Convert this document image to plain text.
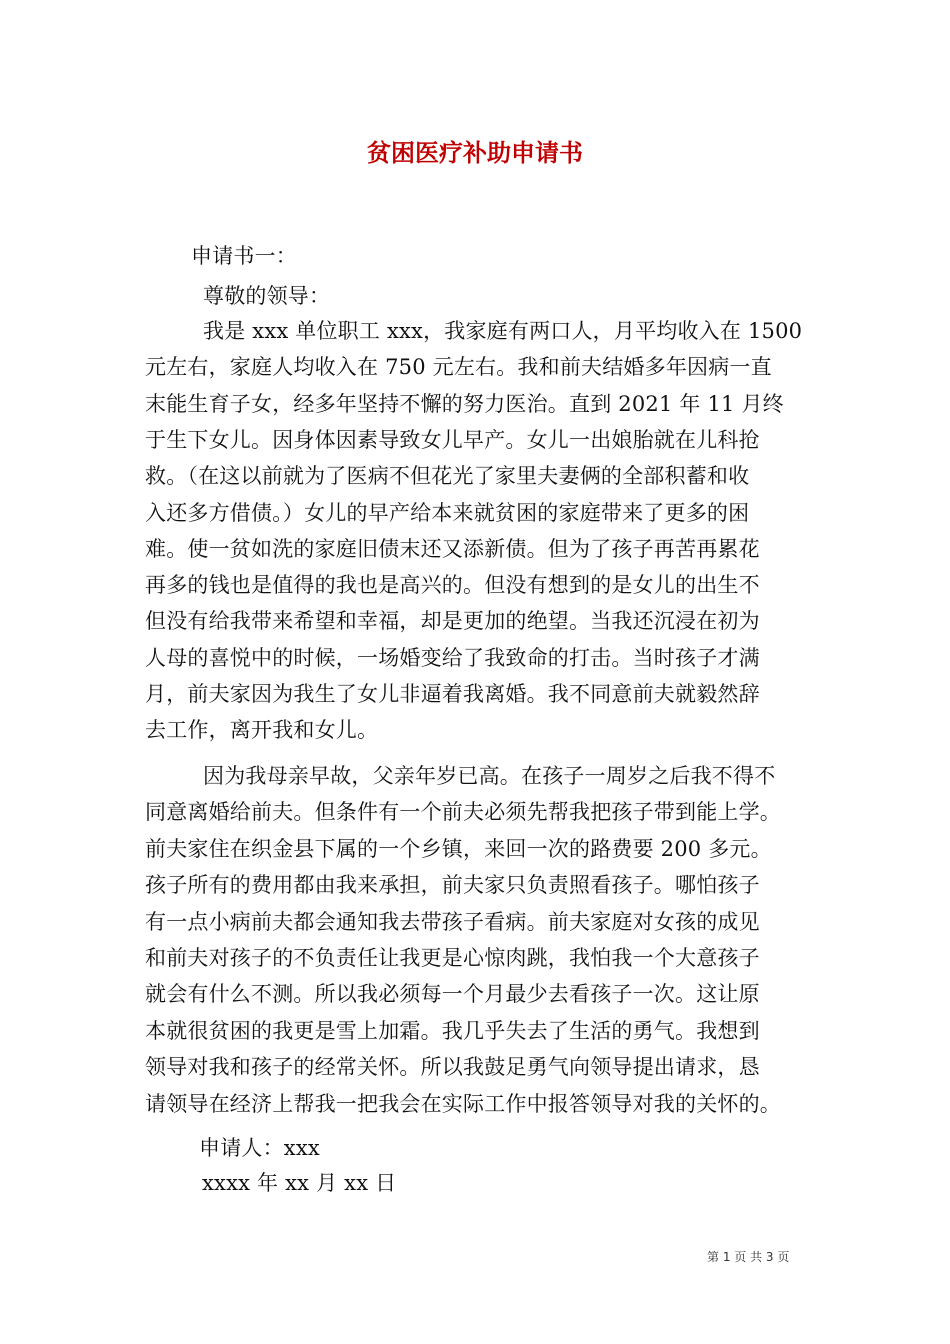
贫困医疗补助申请书
申请书一：
尊敬的领导：
我是 xxx 单位职工 xxx，我家庭有两口人，月平均收入在 1500
元左右，家庭人均收入在 750 元左右。我和前夫结婚多年因病一直
末能生育子女，经多年坚持不懈的努力医治。直到 2021 年 11 月终
于生下女儿。因身体因素导致女儿早产。女儿一出娘胎就在儿科抢
救。（在这以前就为了医病不但花光了家里夫妻俩的全部积蓄和收
入还多方借债。）女儿的早产给本来就贫困的家庭带来了更多的困
难。使一贫如洗的家庭旧债末还又添新债。但为了孩子再苦再累花
再多的钱也是值得的我也是高兴的。但没有想到的是女儿的出生不
但没有给我带来希望和幸福，却是更加的绝望。当我还沉浸在初为
人母的喜悦中的时候，一场婚变给了我致命的打击。当时孩子才满
月，前夫家因为我生了女儿非逼着我离婚。我不同意前夫就毅然辞
去工作，离开我和女儿。
因为我母亲早故，父亲年岁已高。在孩子一周岁之后我不得不
同意离婚给前夫。但条件有一个前夫必须先帮我把孩子带到能上学。
前夫家住在织金县下属的一个乡镇，来回一次的路费要 200 多元。
孩子所有的费用都由我来承担，前夫家只负责照看孩子。哪怕孩子
有一点小病前夫都会通知我去带孩子看病。前夫家庭对女孩的成见
和前夫对孩子的不负责任让我更是心惊肉跳，我怕我一个大意孩子
就会有什么不测。所以我必须每一个月最少去看孩子一次。这让原
本就很贫困的我更是雪上加霜。我几乎失去了生活的勇气。我想到
领导对我和孩子的经常关怀。所以我鼓足勇气向领导提出请求，恳
请领导在经济上帮我一把我会在实际工作中报答领导对我的关怀的。
申请人：xxx
xxxx 年 xx 月 xx 日
第 1 页 共 3 页
